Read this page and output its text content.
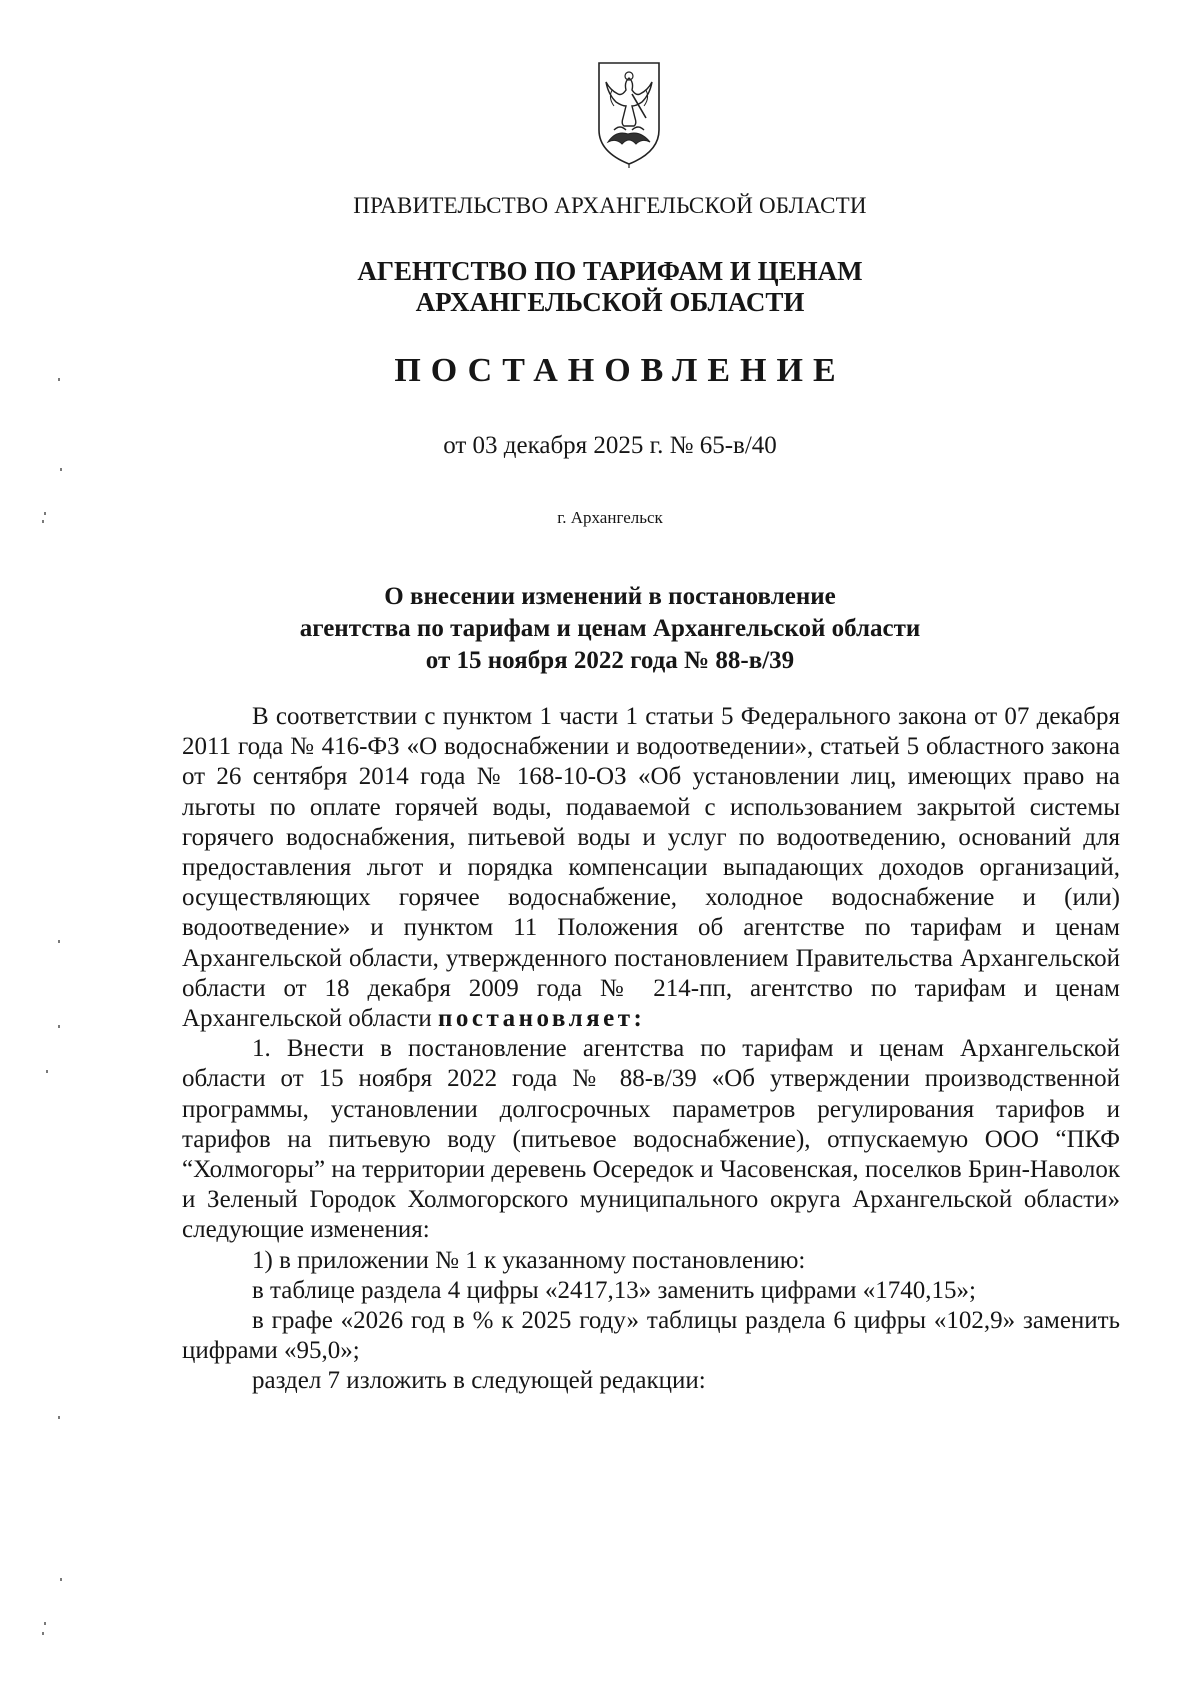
ПРАВИТЕЛЬСТВО АРХАНГЕЛЬСКОЙ ОБЛАСТИ
АГЕНТСТВО ПО ТАРИФАМ И ЦЕНАМ
АРХАНГЕЛЬСКОЙ ОБЛАСТИ
ПОСТАНОВЛЕНИЕ
от 03 декабря 2025 г. № 65-в/40
г. Архангельск
О внесении изменений в постановление
агентства по тарифам и ценам Архангельской области
от 15 ноября 2022 года № 88-в/39

В соответствии с пунктом 1 части 1 статьи 5 Федерального закона от 07 декабря 2011 года № 416-ФЗ «О водоснабжении и водоотведении», статьей 5 областного закона от 26 сентября 2014 года № 168-10-ОЗ «Об установлении лиц, имеющих право на льготы по оплате горячей воды, подаваемой с использованием закрытой системы горячего водоснабжения, питьевой воды и услуг по водоотведению, оснований для предоставления льгот и порядка компенсации выпадающих доходов организаций, осуществляющих горячее водоснабжение, холодное водоснабжение и (или) водоотведение» и пунктом 11 Положения об агентстве по тарифам и ценам Архангельской области, утвержденного постановлением Правительства Архангельской области от 18 декабря 2009 года № 214-пп, агентство по тарифам и ценам Архангельской области постановляет:

1. Внести в постановление агентства по тарифам и ценам Архангельской области от 15 ноября 2022 года № 88-в/39 «Об утверждении производственной программы, установлении долгосрочных параметров регулирования тарифов и тарифов на питьевую воду (питьевое водоснабжение), отпускаемую ООО “ПКФ “Холмогоры” на территории деревень Осередок и Часовенская, поселков Брин-Наволок и Зеленый Городок Холмогорского муниципального округа Архангельской области» следующие изменения:

1) в приложении № 1 к указанному постановлению:

в таблице раздела 4 цифры «2417,13» заменить цифрами «1740,15»;

в графе «2026 год в % к 2025 году» таблицы раздела 6 цифры «102,9» заменить цифрами «95,0»;

раздел 7 изложить в следующей редакции:
